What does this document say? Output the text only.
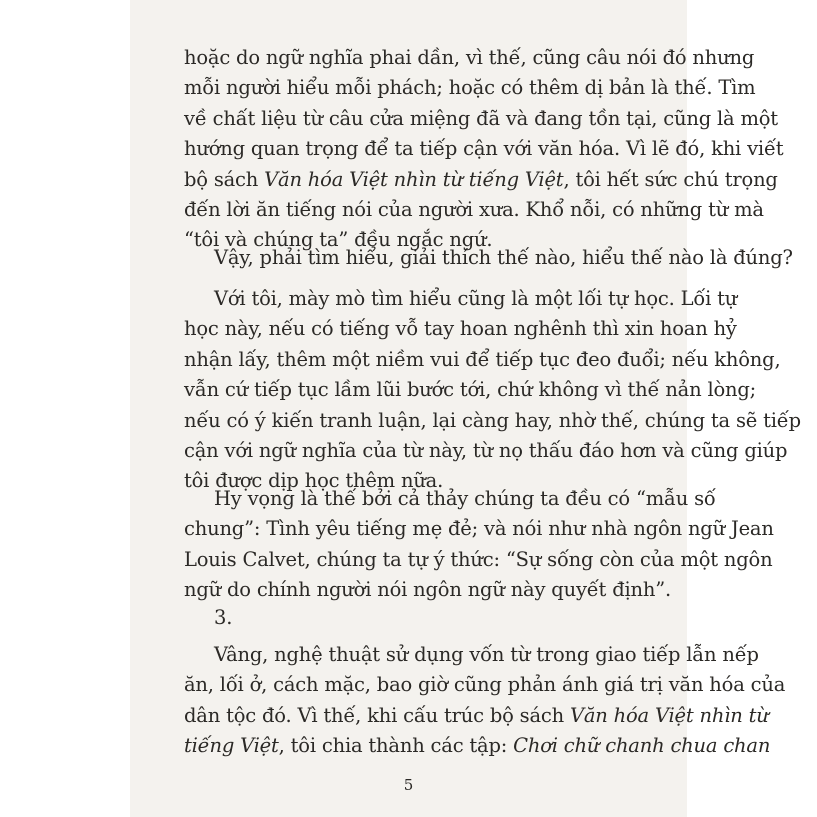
hoặc do ngữ nghĩa phai dần, vì thế, cũng câu nói đó nhưng
mỗi người hiểu mỗi phách; hoặc có thêm dị bản là thế. Tìm
về chất liệu từ câu cửa miệng đã và đang tồn tại, cũng là một
hướng quan trọng để ta tiếp cận với văn hóa. Vì lẽ đó, khi viết
bộ sách Văn hóa Việt nhìn từ tiếng Việt, tôi hết sức chú trọng
đến lời ăn tiếng nói của người xưa. Khổ nỗi, có những từ mà
“tôi và chúng ta” đều ngắc ngứ.
Vậy, phải tìm hiểu, giải thích thế nào, hiểu thế nào là đúng?
Với tôi, mày mò tìm hiểu cũng là một lối tự học. Lối tự
học này, nếu có tiếng vỗ tay hoan nghênh thì xin hoan hỷ
nhận lấy, thêm một niềm vui để tiếp tục đeo đuổi; nếu không,
vẫn cứ tiếp tục lầm lũi bước tới, chứ không vì thế nản lòng;
nếu có ý kiến tranh luận, lại càng hay, nhờ thế, chúng ta sẽ tiếp
cận với ngữ nghĩa của từ này, từ nọ thấu đáo hơn và cũng giúp
tôi được dịp học thêm nữa.
Hy vọng là thế bởi cả thảy chúng ta đều có “mẫu số
chung”: Tình yêu tiếng mẹ đẻ; và nói như nhà ngôn ngữ Jean
Louis Calvet, chúng ta tự ý thức: “Sự sống còn của một ngôn
ngữ do chính người nói ngôn ngữ này quyết định”.
3.
Vâng, nghệ thuật sử dụng vốn từ trong giao tiếp lẫn nếp
ăn, lối ở, cách mặc, bao giờ cũng phản ánh giá trị văn hóa của
dân tộc đó. Vì thế, khi cấu trúc bộ sách Văn hóa Việt nhìn từ
tiếng Việt, tôi chia thành các tập: Chơi chữ chanh chua chan
5
